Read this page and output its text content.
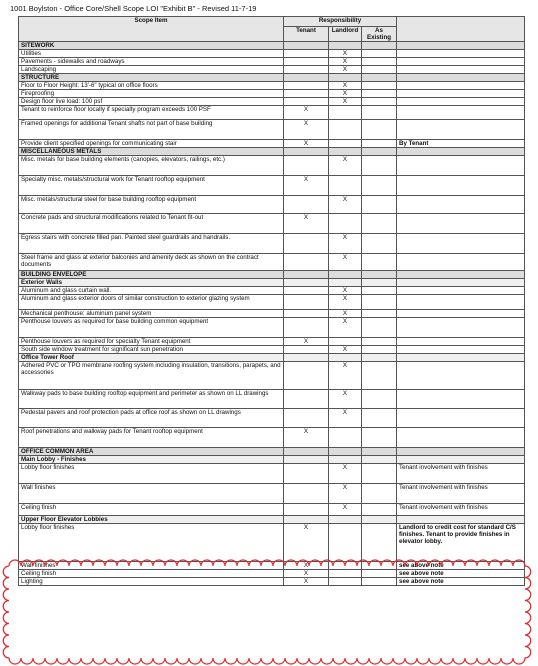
1001 Boylston - Office Core/Shell Scope LOI "Exhibit B" - Revised 11-7-19
Scope Item	Responsibility			
	Tenant	Landlord	As Existing	
SITEWORK				
Utilities		X		
Pavements - sidewalks and roadways		X		
Landscaping		X		
STRUCTURE				
Floor to Floor Height: 13'-6" typical on office floors		X		
Fireproofing		X		
Design floor live load: 100 psf		X		
Tenant to reinforce floor locally if specialty program exceeds 100 PSF	X			
Framed openings for additional Tenant shafts not part of base building	X			
Provide client specified openings for communicating stair	X			By Tenant
MISCELLANEOUS METALS				
Misc. metals for base building elements (canopies, elevators, railings, etc.)		X		
Specialty misc. metals/structural work for Tenant rooftop equipment	X			
Misc. metals/structural steel for base building rooftop equipment		X		
Concrete pads and structural modifications related to Tenant fit-out	X			
Egress stairs with concrete filled pan. Painted steel guardrails and handrails.		X		
Steel frame and glass at exterior balconies and amenity deck as shown on the contract documents		X		
BUILDING ENVELOPE				
Exterior Walls				
Aluminum and glass curtain wall.		X		
Aluminum and glass exterior doors of similar construction to exterior glazing system		X		
Mechanical penthouse: aluminum panel system		X		
Penthouse louvers as required for base building common equipment		X		
Penthouse louvers as required for specialty Tenant equipment	X			
South side window treatment for significant sun penetration		X		
Office Tower Roof				
Adhered PVC or TPO membrane roofing system including insulation, transitions, parapets, and accessories		X		
Walkway pads to base building rooftop equipment and perimeter as shown on LL drawings		X		
Pedestal pavers and roof protection pads at office roof as shown on LL drawings		X		
Roof penetrations and walkway pads for Tenant rooftop equipment	X			
OFFICE COMMON AREA				
Main Lobby - Finishes				
Lobby floor finishes		X		Tenant involvement with finishes
Wall finishes		X		Tenant involvement with finishes
Ceiling finish		X		Tenant involvement with finishes
Upper Floor Elevator Lobbies				
Lobby floor finishes	X			Landlord to credit cost for standard C/S finishes. Tenant to provide finishes in elevator lobby.
Wall finishes	X			see above note
Ceiling finish	X			see above note
Lighting	X			see above note
